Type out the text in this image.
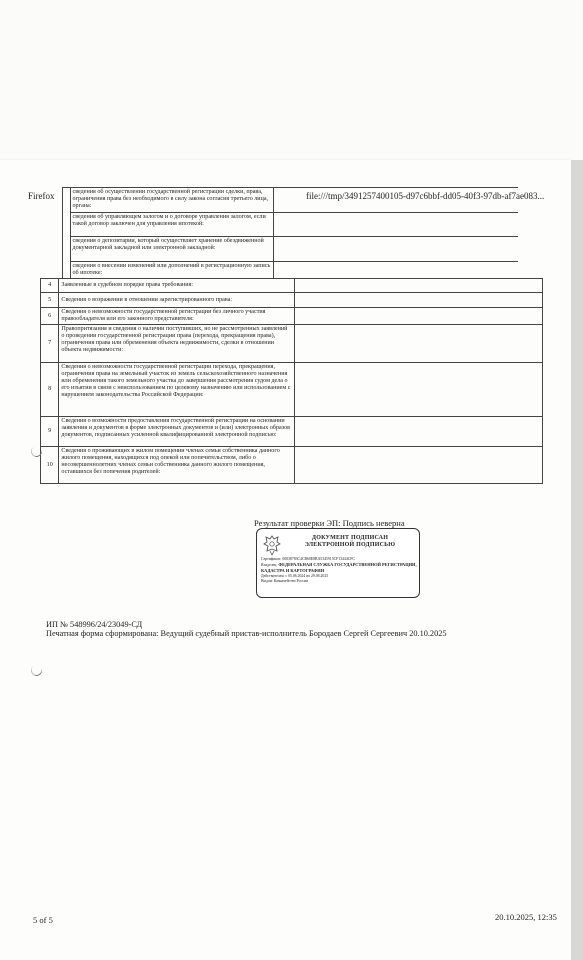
Firefox	file:///tmp/3491257400105-d97c6bbf-dd05-40f3-97db-af7ae083...
		сведения об осуществлении государственной регистрации сделки, права, ограничения права без необходимого в силу закона согласия третьего лица, органа:		
		сведения об управляющем залогом и о договоре управления залогом, если такой договор заключен для управления ипотекой:		
		сведения о депозитарии, который осуществляет хранение обездвиженной документарной закладной или электронной закладной:		
		сведения о внесении изменений или дополнений в регистрационную запись об ипотеке:		
4	Заявленные в судебном порядке права требования:	
5	Сведения о возражении в отношении зарегистрированного права:	
6	Сведения о невозможности государственной регистрации без личного участия правообладателя или его законного представителя:	
7	Правопритязания и сведения о наличии поступивших, но не рассмотренных заявлений о проведении государственной регистрации права (перехода, прекращения права), ограничения права или обременения объекта недвижимости, сделки в отношении объекта недвижимости:	
8	Сведения о невозможности государственной регистрации перехода, прекращения, ограничения права на земельный участок из земель сельскохозяйственного назначения или обременения такого земельного участка до завершения рассмотрения судом дела о его изъятии в связи с неиспользованием по целевому назначению или использованием с нарушением законодательства Российской Федерации:	
9	Сведения о возможности предоставления государственной регистрации на основании заявления и документов в форме электронных документов и (или) электронных образов документов, подписанных усиленной квалифицированной электронной подписью:	
10	Сведения о проживающих в жилом помещении членах семьи собственника данного жилого помещения, находящихся под опекой или попечительством, либо о несовершеннолетних членах семьи собственника данного жилого помещения, оставшихся без попечения родителей:	
Результат проверки ЭП: Подпись неверна
ДОКУМЕНТ ПОДПИСАН
ЭЛЕКТРОННОЙ ПОДПИСЬЮ
Сертификат: 00838783C4CB60E8BA5345915CF13444CFC
Владелец: ФЕДЕРАЛЬНАЯ СЛУЖБА ГОСУДАРСТВЕННОЙ РЕГИСТРАЦИИ, КАДАСТРА И КАРТОГРАФИИ
Действителен: с 05.06.2024 по 29.08.2025
Выдан: Казначейство России
ИП № 548996/24/23049-СД
Печатная форма сформирована: Ведущий судебный пристав-исполнитель Бородаев Сергей Сергеевич 20.10.2025
5 of 5	20.10.2025, 12:35
